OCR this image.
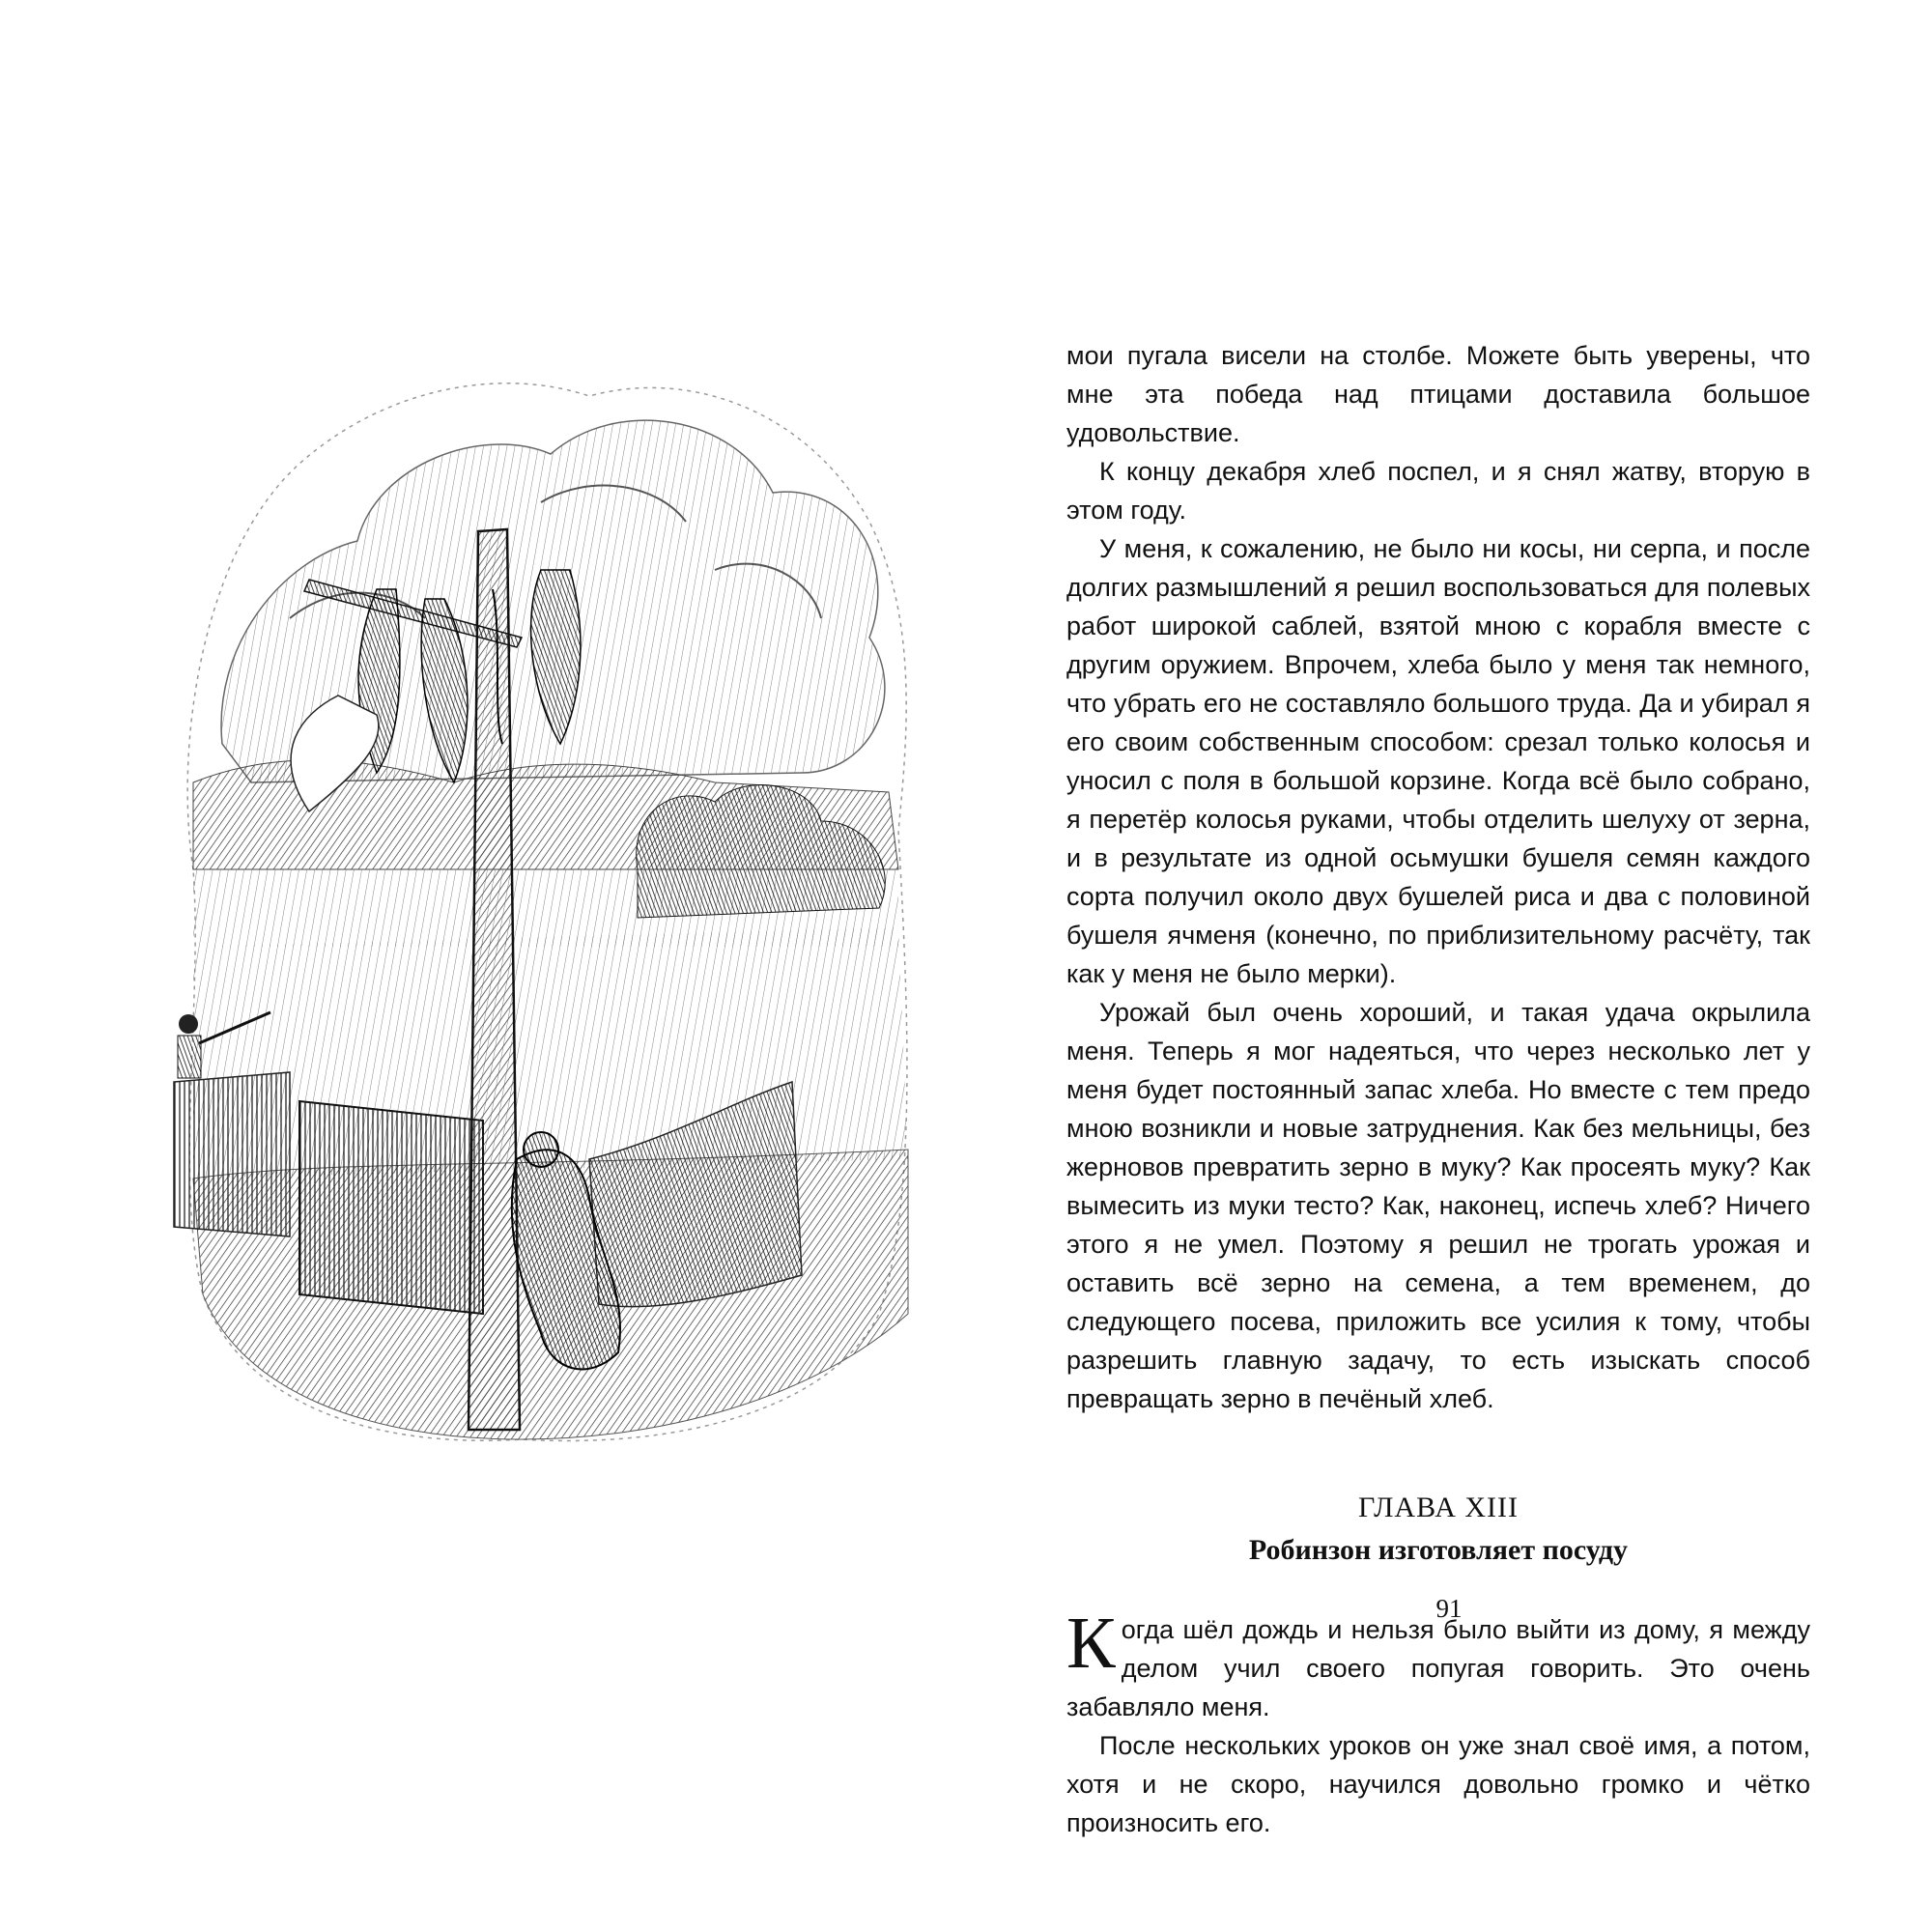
мои пугала висели на столбе. Можете быть уверены, что мне эта победа над птицами доставила большое удовольствие.

К концу декабря хлеб поспел, и я снял жатву, вторую в этом году.

У меня, к сожалению, не было ни косы, ни серпа, и после долгих размышлений я решил воспользоваться для полевых работ широкой саблей, взятой мною с корабля вместе с другим оружием. Впрочем, хлеба было у меня так немного, что убрать его не составляло большого труда. Да и убирал я его своим собственным способом: срезал только колосья и уносил с поля в большой корзине. Когда всё было собрано, я перетёр колосья руками, чтобы отделить шелуху от зерна, и в результате из одной осьмушки бушеля семян каждого сорта получил около двух бушелей риса и два с половиной бушеля ячменя (конечно, по приблизительному расчёту, так как у меня не было мерки).

Урожай был очень хороший, и такая удача окрылила меня. Теперь я мог надеяться, что через несколько лет у меня будет постоянный запас хлеба. Но вместе с тем предо мною возникли и новые затруднения. Как без мельницы, без жерновов превратить зерно в муку? Как просеять муку? Как вымесить из муки тесто? Как, наконец, испечь хлеб? Ничего этого я не умел. Поэтому я решил не трогать урожая и оставить всё зерно на семена, а тем временем, до следующего посева, приложить все усилия к тому, чтобы разрешить главную задачу, то есть изыскать способ превращать зерно в печёный хлеб.

ГЛАВА XIII
Робинзон изготовляет посуду

Когда шёл дождь и нельзя было выйти из дому, я между делом учил своего попугая говорить. Это очень забавляло меня.

После нескольких уроков он уже знал своё имя, а потом, хотя и не скоро, научился довольно громко и чётко произносить его.

91
